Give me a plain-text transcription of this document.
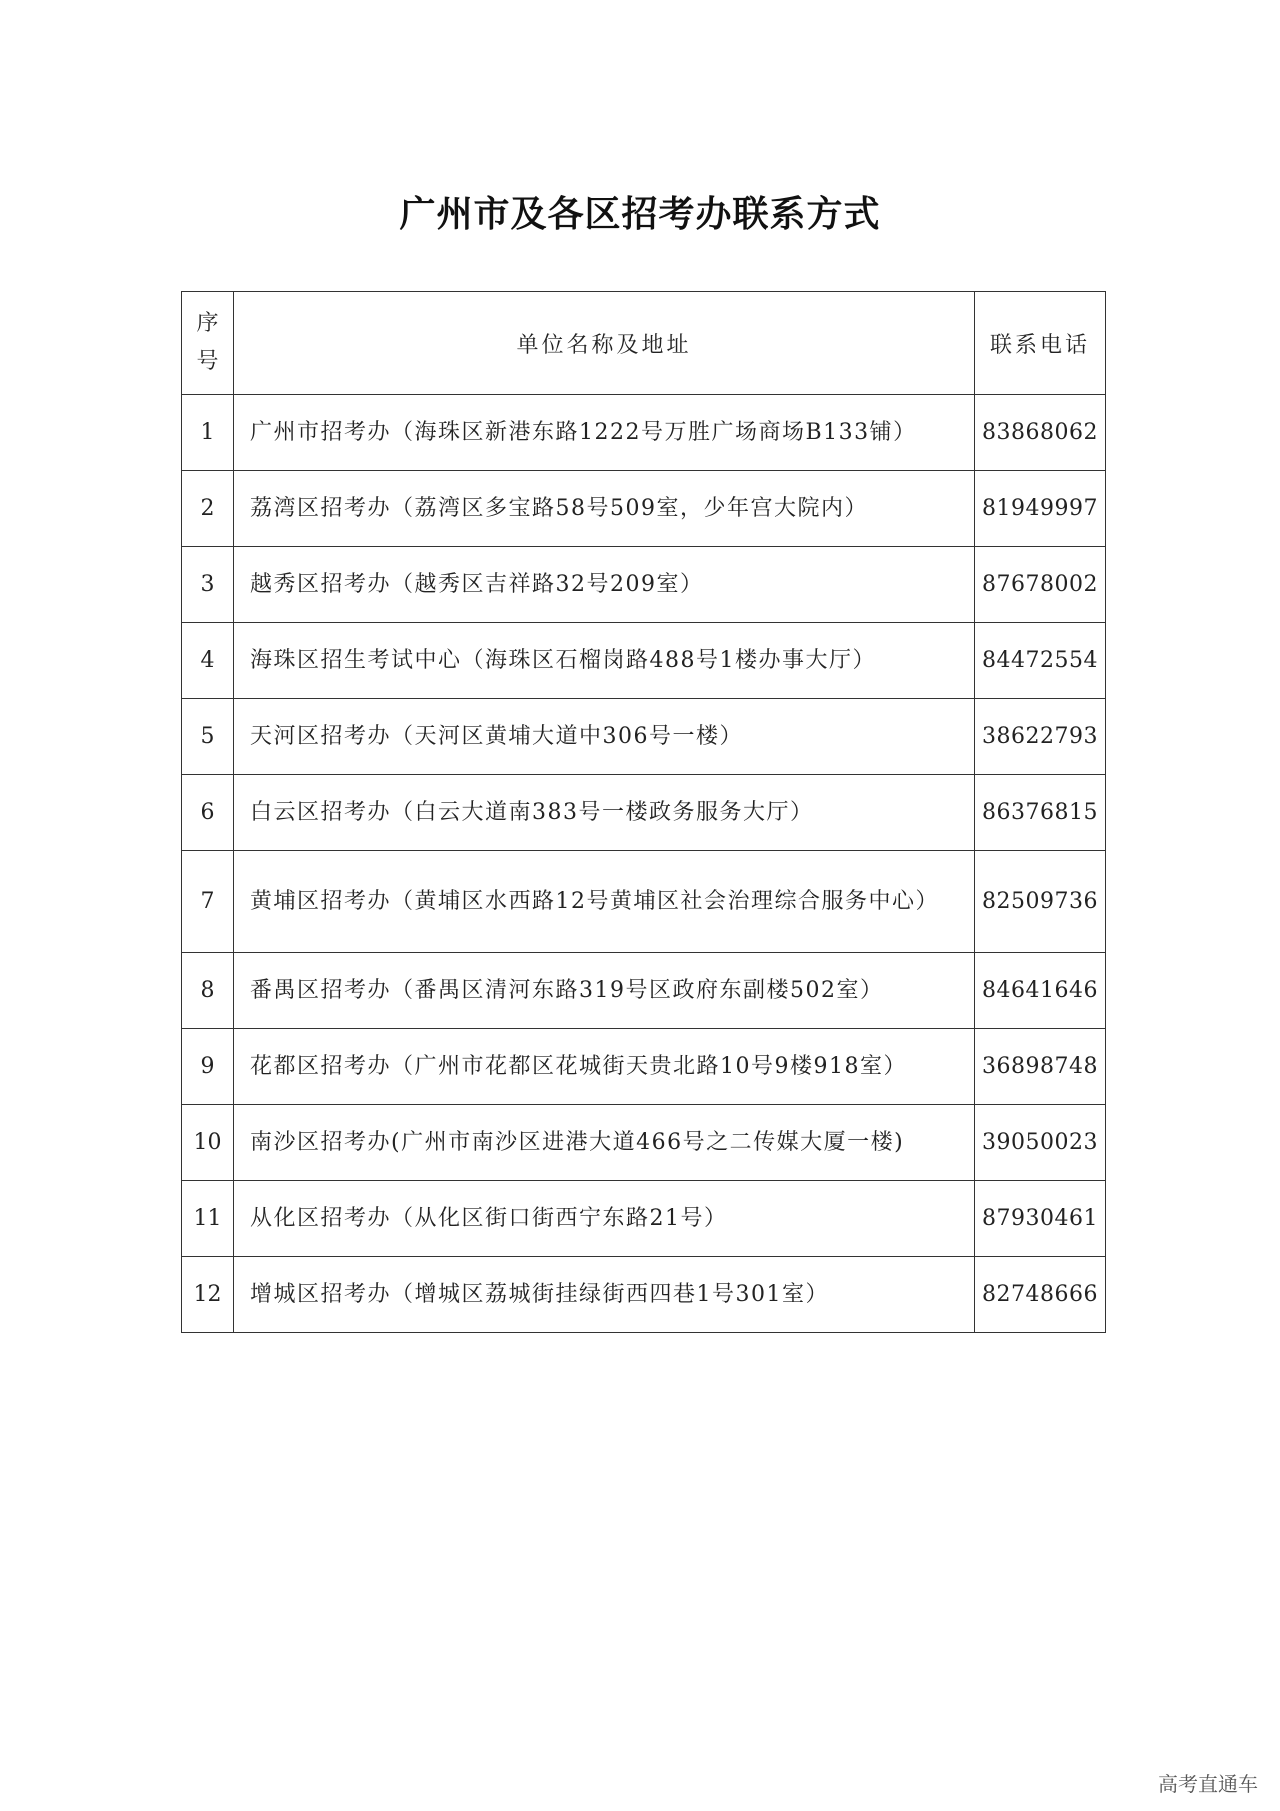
广州市及各区招考办联系方式
序
号	单位名称及地址	联系电话
1	广州市招考办（海珠区新港东路1222号万胜广场商场B133铺）	83868062
2	荔湾区招考办（荔湾区多宝路58号509室，少年宫大院内）	81949997
3	越秀区招考办（越秀区吉祥路32号209室）	87678002
4	海珠区招生考试中心（海珠区石榴岗路488号1楼办事大厅）	84472554
5	天河区招考办（天河区黄埔大道中306号一楼）	38622793
6	白云区招考办（白云大道南383号一楼政务服务大厅）	86376815
7	黄埔区招考办（黄埔区水西路12号黄埔区社会治理综合服务中心）	82509736
8	番禺区招考办（番禺区清河东路319号区政府东副楼502室）	84641646
9	花都区招考办（广州市花都区花城街天贵北路10号9楼918室）	36898748
10	南沙区招考办(广州市南沙区进港大道466号之二传媒大厦一楼)	39050023
11	从化区招考办（从化区街口街西宁东路21号）	87930461
12	增城区招考办（增城区荔城街挂绿街西四巷1号301室）	82748666
高考直通车
